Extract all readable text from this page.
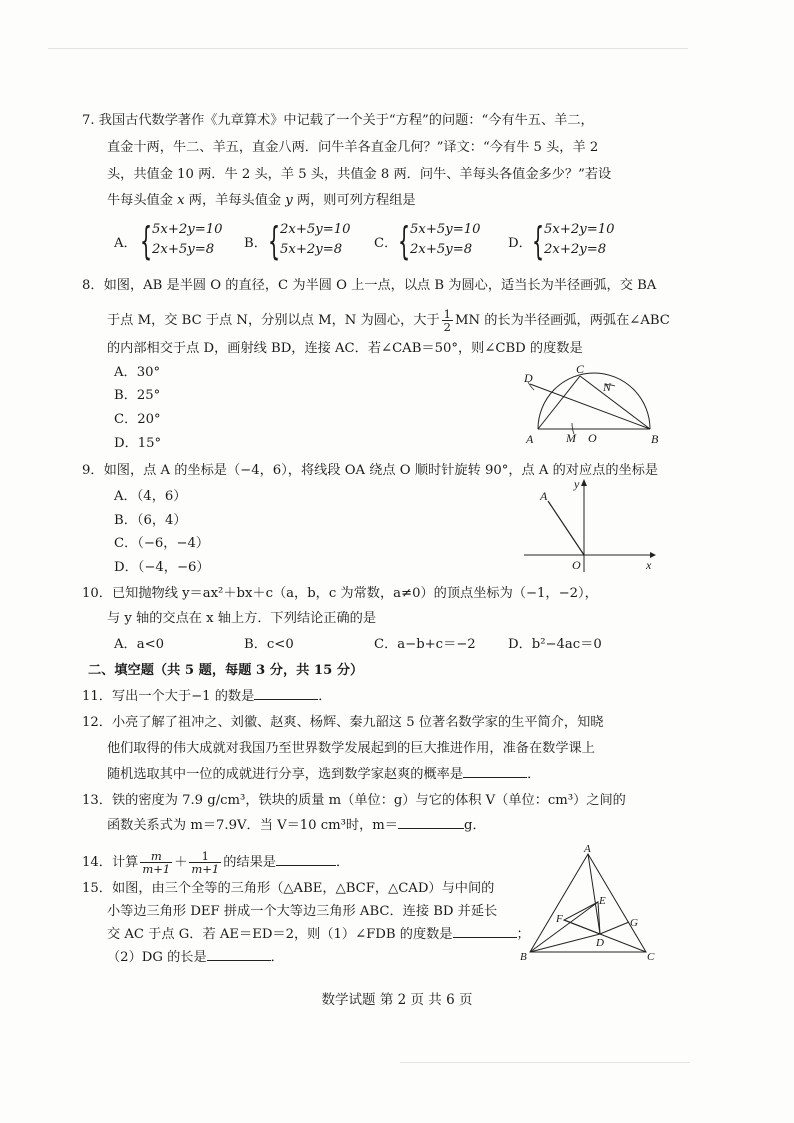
7. 我国古代数学著作《九章算术》中记载了一个关于“方程”的问题：“今有牛五、羊二，
直金十两，牛二、羊五，直金八两．问牛羊各直金几何？”译文：“今有牛 5 头，羊 2
头，共值金 10 两．牛 2 头，羊 5 头，共值金 8 两．问牛、羊每头各值金多少？”若设
牛每头值金 x 两，羊每头值金 y 两，则可列方程组是
A． { 5x+2y=10
2x+5y=8 B． { 2x+5y=10
5x+2y=8 C． { 5x+5y=10
2x+5y=8	D． { 5x+2y=10
2x+2y=8
8．如图，AB 是半圆 O 的直径，C 为半圆 O 上一点，以点 B 为圆心，适当长为半径画弧，交 BA
于点 M，交 BC 于点 N，分别以点 M，N 为圆心，大于 $\frac{1}{2}$ MN 的长为半径画弧，两弧在∠ABC
的内部相交于点 D，画射线 BD，连接 AC．若∠CAB＝50°，则∠CBD 的度数是
A．30°
B．25°
C．20°
D．15°	A	B
C
D
M
N
O
9．如图，点 A 的坐标是（−4，6），将线段 OA 绕点 O 顺时针旋转 90°，点 A 的对应点的坐标是
A．（4，6）
B．（6，4）
C．（−6，−4）
D．（−4，−6）
A
O	x
y
10．已知抛物线 y＝ax²＋bx＋c（a，b，c 为常数，a≠0）的顶点坐标为（−1，−2），
与 y 轴的交点在 x 轴上方．下列结论正确的是
A．a<0	B．c<0	C．a−b+c＝−2 D．b²−4ac＝0
二、填空题（共 5 题，每题 3 分，共 15 分）
11．写出一个大于−1 的数是	．
12．小亮了解了祖冲之、刘徽、赵爽、杨辉、秦九韶这 5 位著名数学家的生平简介，知晓
他们取得的伟大成就对我国乃至世界数学发展起到的巨大推进作用，准备在数学课上
随机选取其中一位的成就进行分享，选到数学家赵爽的概率是	．
13．铁的密度为 7.9 g/cm³，铁块的质量 m（单位：g）与它的体积 V（单位：cm³）之间的
函数关系式为 m＝7.9V．当 V＝10 cm³时，m＝	g．
14．计算 $\frac{m}{m+1} + \frac{1}{m+1}$ 的结果是	．
15．如图，由三个全等的三角形（△ABE，△BCF，△CAD）与中间的
小等边三角形 DEF 拼成一个大等边三角形 ABC．连接 BD 并延长
交 AC 于点 G．若 AE＝ED＝2，则（1）∠FDB 的度数是	；
（2）DG 的长是	．
A
B	C
D
E
F	G
数学试题 第 2 页 共 6 页
